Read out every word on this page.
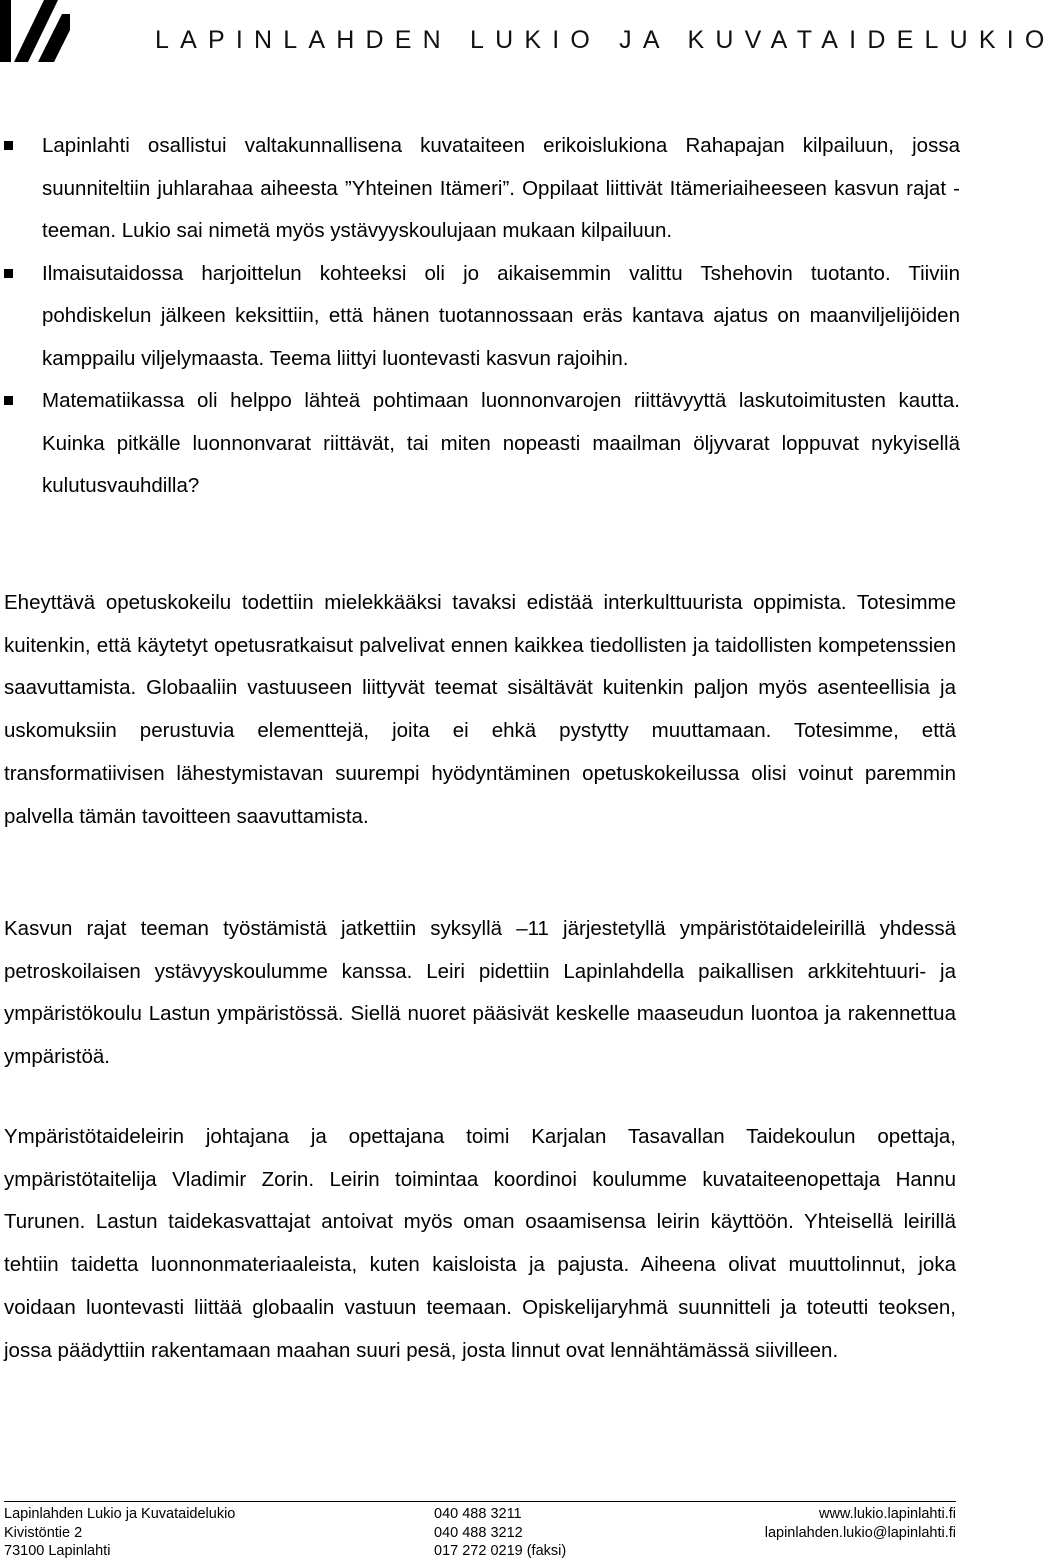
LAPINLAHDEN LUKIO JA KUVATAIDELUKIO
Lapinlahti osallistui valtakunnallisena kuvataiteen erikoislukiona Rahapajan kilpailuun, jossa suunniteltiin juhlarahaa aiheesta ”Yhteinen Itämeri”. Oppilaat liittivät Itämeriaiheeseen kasvun rajat -teeman. Lukio sai nimetä myös ystävyyskoulujaan mukaan kilpailuun.
Ilmaisutaidossa harjoittelun kohteeksi oli jo aikaisemmin valittu Tshehovin tuotanto. Tiiviin pohdiskelun jälkeen keksittiin, että hänen tuotannossaan eräs kantava ajatus on maanviljelijöiden kamppailu viljelymaasta. Teema liittyi luontevasti kasvun rajoihin.
Matematiikassa oli helppo lähteä pohtimaan luonnonvarojen riittävyyttä laskutoimitusten kautta. Kuinka pitkälle luonnonvarat riittävät, tai miten nopeasti maailman öljyvarat loppuvat nykyisellä kulutusvauhdilla?

Eheyttävä opetuskokeilu todettiin mielekkääksi tavaksi edistää interkulttuurista oppimista. Totesimme kuitenkin, että käytetyt opetusratkaisut palvelivat ennen kaikkea tiedollisten ja taidollisten kompetenssien saavuttamista. Globaaliin vastuuseen liittyvät teemat sisältävät kuitenkin paljon myös asenteellisia ja uskomuksiin perustuvia elementtejä, joita ei ehkä pystytty muuttamaan. Totesimme, että transformatiivisen lähestymistavan suurempi hyödyntäminen opetuskokeilussa olisi voinut paremmin palvella tämän tavoitteen saavuttamista.

Kasvun rajat teeman työstämistä jatkettiin syksyllä –11 järjestetyllä ympäristötaideleirillä yhdessä petroskoilaisen ystävyyskoulumme kanssa. Leiri pidettiin Lapinlahdella paikallisen arkkitehtuuri- ja ympäristökoulu Lastun ympäristössä. Siellä nuoret pääsivät keskelle maaseudun luontoa ja rakennettua ympäristöä.

Ympäristötaideleirin johtajana ja opettajana toimi Karjalan Tasavallan Taidekoulun opettaja, ympäristötaitelija Vladimir Zorin. Leirin toimintaa koordinoi koulumme kuvataiteenopettaja Hannu Turunen. Lastun taidekasvattajat antoivat myös oman osaamisensa leirin käyttöön. Yhteisellä leirillä tehtiin taidetta luonnonmateriaaleista, kuten kaisloista ja pajusta. Aiheena olivat muuttolinnut, joka voidaan luontevasti liittää globaalin vastuun teemaan. Opiskelijaryhmä suunnitteli ja toteutti teoksen, jossa päädyttiin rakentamaan maahan suuri pesä, josta linnut ovat lennähtämässä siivilleen.

Lapinlahden Lukio ja Kuvataidelukio
Kivistöntie 2
73100 Lapinlahti
040 488 3211
040 488 3212
017 272 0219 (faksi)
www.lukio.lapinlahti.fi
lapinlahden.lukio@lapinlahti.fi
